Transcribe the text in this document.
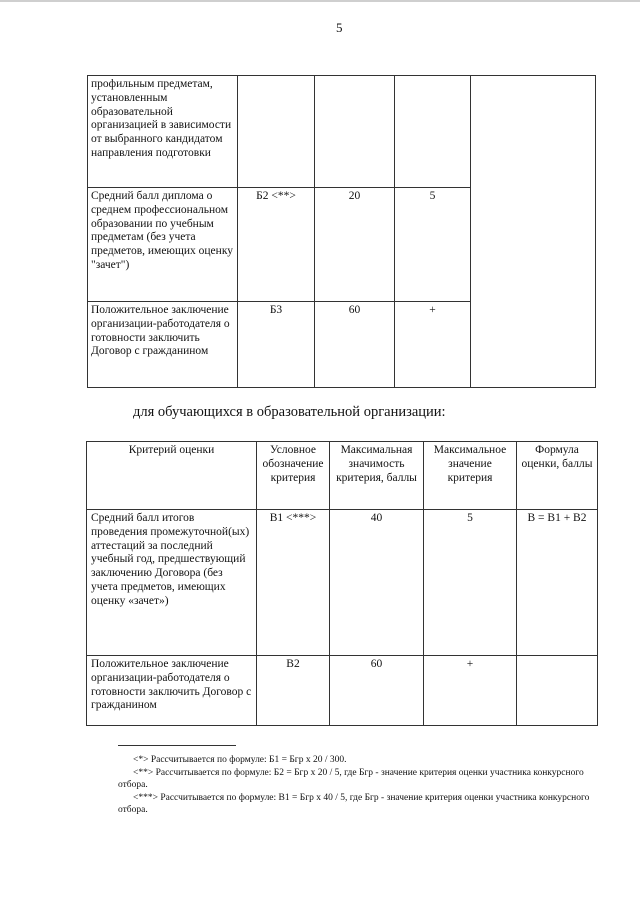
5
профильным предметам, установленным образовательной организацией в зависимости от выбранного кандидатом направления подготовки				
Средний балл диплома о среднем профессиональном образовании по учебным предметам (без учета предметов, имеющих оценку "зачет")	Б2 <**>	20	5	
Положительное заключение организации-работодателя о готовности заключить Договор с гражданином	Б3	60	+	
для обучающихся в образовательной организации:
Критерий оценки	Условное обозначение критерия	Максимальная значимость критерия, баллы	Максимальное значение критерия	Формула оценки, баллы
Средний балл итогов проведения промежуточной(ых) аттестаций за последний учебный год, предшествующий заключению Договора (без учета предметов, имеющих оценку «зачет»)	В1 <***>	40	5	В = В1 + В2
Положительное заключение организации-работодателя о готовности заключить Договор с гражданином	В2	60	+	
<*> Рассчитывается по формуле: Б1 = Бгр х 20 / 300.
<**> Рассчитывается по формуле: Б2 = Бгр х 20 / 5, где Бгр - значение критерия оценки участника конкурсного отбора.
<***> Рассчитывается по формуле: В1 = Бгр х 40 / 5, где Бгр - значение критерия оценки участника конкурсного отбора.
